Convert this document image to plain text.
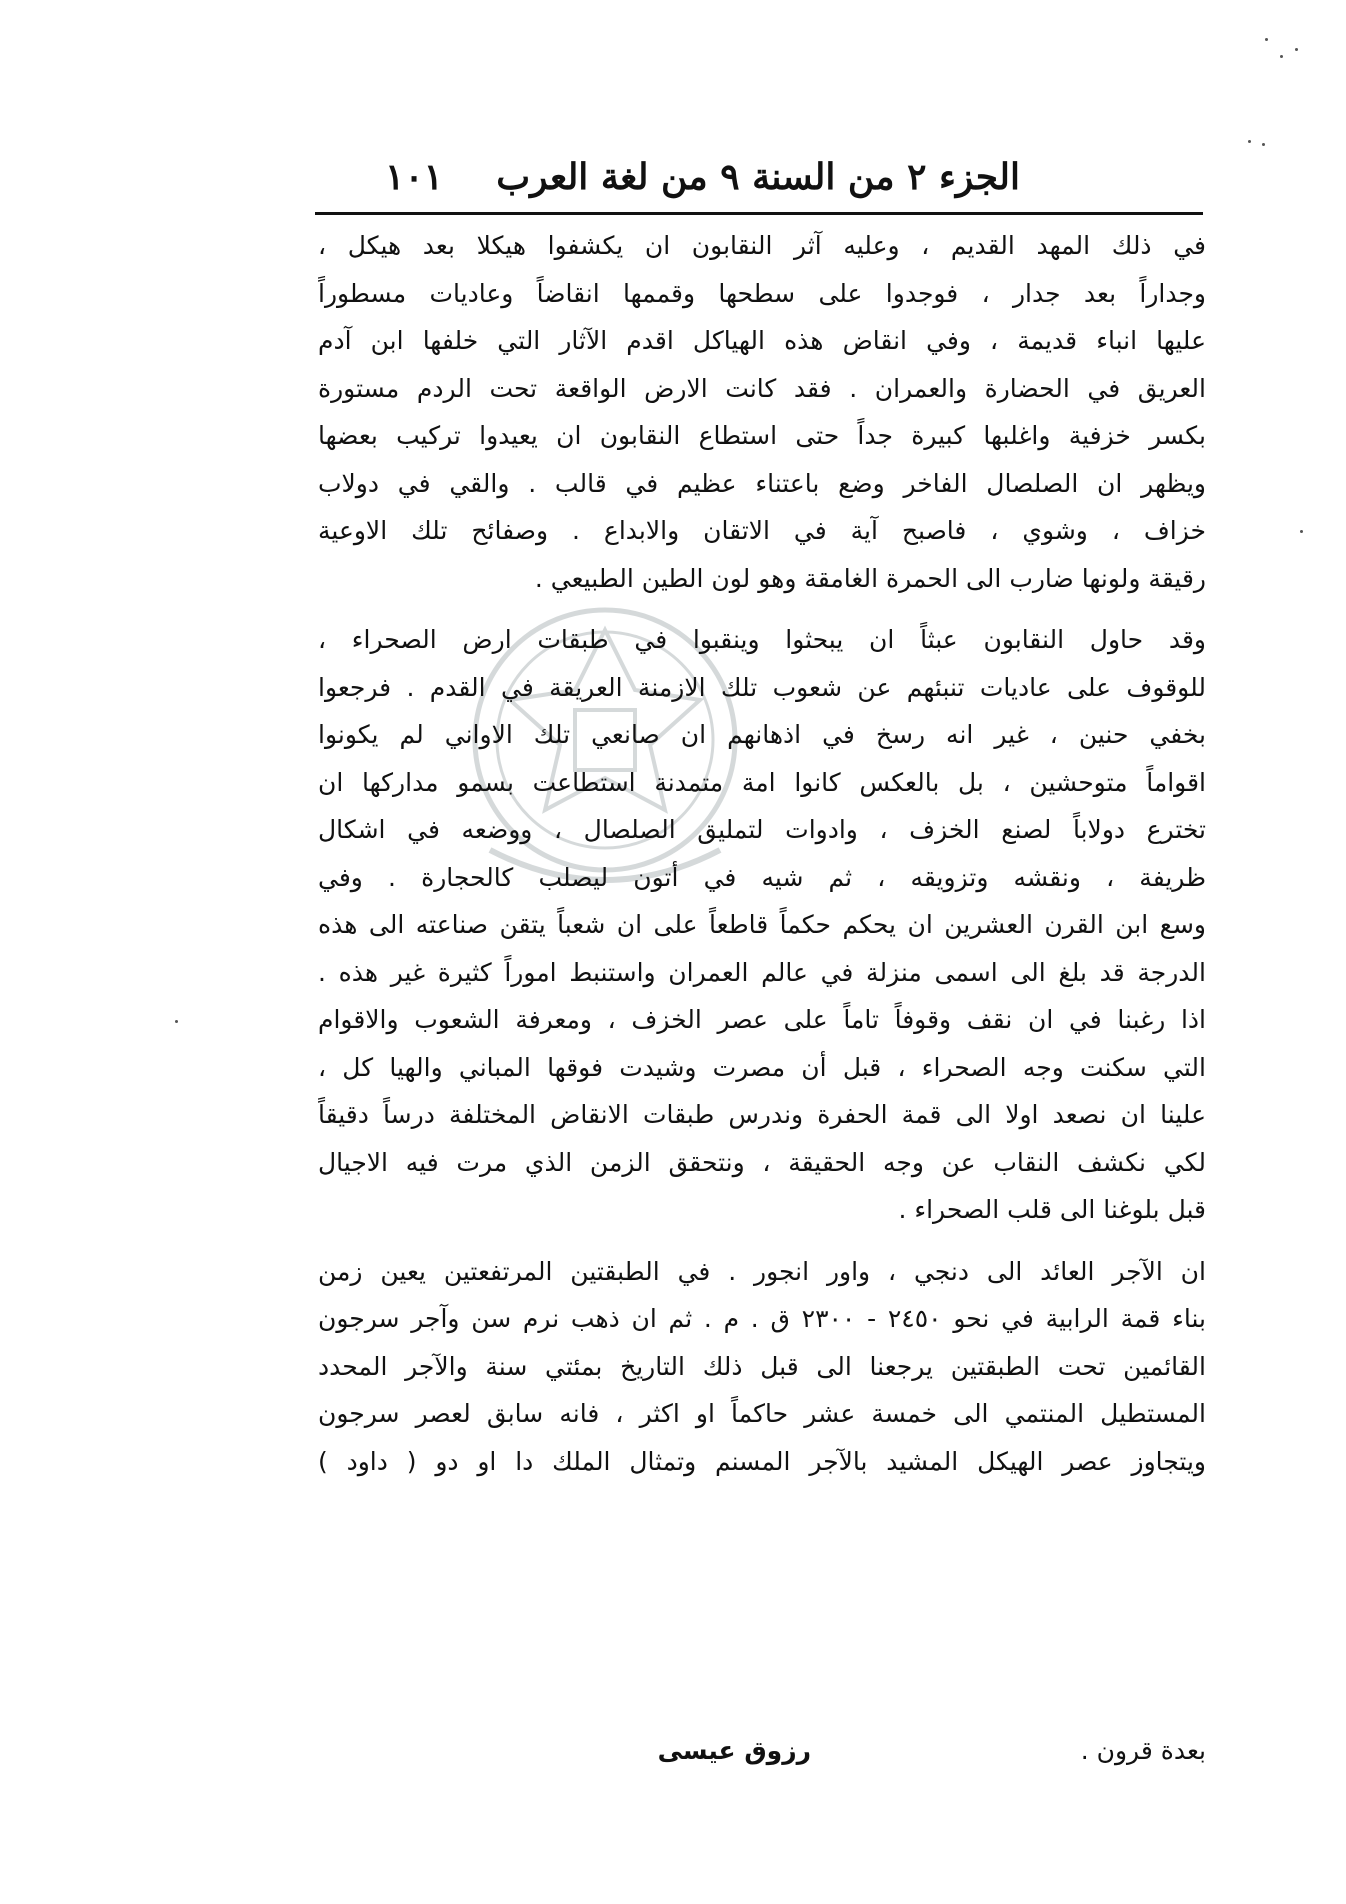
الجزء ٢ من السنة ٩ من لغة العرب
١٠١
في ذلك المهد القديم ، وعليه آثر النقابون ان يكشفوا هيكلا بعد هيكل ،
وجداراً بعد جدار ، فوجدوا على سطحها وقممها انقاضاً وعاديات مسطوراً
عليها انباء قديمة ، وفي انقاض هذه الهياكل اقدم الآثار التي خلفها ابن آدم
العريق في الحضارة والعمران . فقد كانت الارض الواقعة تحت الردم مستورة
بكسر خزفية واغلبها كبيرة جداً حتى استطاع النقابون ان يعيدوا تركيب بعضها
ويظهر ان الصلصال الفاخر وضع باعتناء عظيم في قالب . والقي في دولاب
خزاف ، وشوي ، فاصبح آية في الاتقان والابداع . وصفائح تلك الاوعية
رقيقة ولونها ضارب الى الحمرة الغامقة وهو لون الطين الطبيعي .
وقد حاول النقابون عبثاً ان يبحثوا وينقبوا في طبقات ارض الصحراء ،
للوقوف على عاديات تنبئهم عن شعوب تلك الازمنة العريقة في القدم . فرجعوا
بخفي حنين ، غير انه رسخ في اذهانهم ان صانعي تلك الاواني لم يكونوا
اقواماً متوحشين ، بل بالعكس كانوا امة متمدنة استطاعت بسمو مداركها ان
تخترع دولاباً لصنع الخزف ، وادوات لتمليق الصلصال ، ووضعه في اشكال
ظريفة ، ونقشه وتزويقه ، ثم شيه في أتون ليصلب كالحجارة . وفي
وسع ابن القرن العشرين ان يحكم حكماً قاطعاً على ان شعباً يتقن صناعته الى هذه
الدرجة قد بلغ الى اسمى منزلة في عالم العمران واستنبط اموراً كثيرة غير هذه .
اذا رغبنا في ان نقف وقوفاً تاماً على عصر الخزف ، ومعرفة الشعوب والاقوام
التي سكنت وجه الصحراء ، قبل أن مصرت وشيدت فوقها المباني والهيا كل ،
علينا ان نصعد اولا الى قمة الحفرة وندرس طبقات الانقاض المختلفة درساً دقيقاً
لكي نكشف النقاب عن وجه الحقيقة ، ونتحقق الزمن الذي مرت فيه الاجيال
قبل بلوغنا الى قلب الصحراء .
ان الآجر العائد الى دنجي ، واور انجور . في الطبقتين المرتفعتين يعين زمن
بناء قمة الرابية في نحو ٢٤٥٠ - ٢٣٠٠ ق . م . ثم ان ذهب نرم سن وآجر سرجون
القائمين تحت الطبقتين يرجعنا الى قبل ذلك التاريخ بمئتي سنة والآجر المحدد
المستطيل المنتمي الى خمسة عشر حاكماً او اكثر ، فانه سابق لعصر سرجون
ويتجاوز عصر الهيكل المشيد بالآجر المسنم وتمثال الملك دا او دو ( داود )
بعدة قرون .
رزوق عيسى
